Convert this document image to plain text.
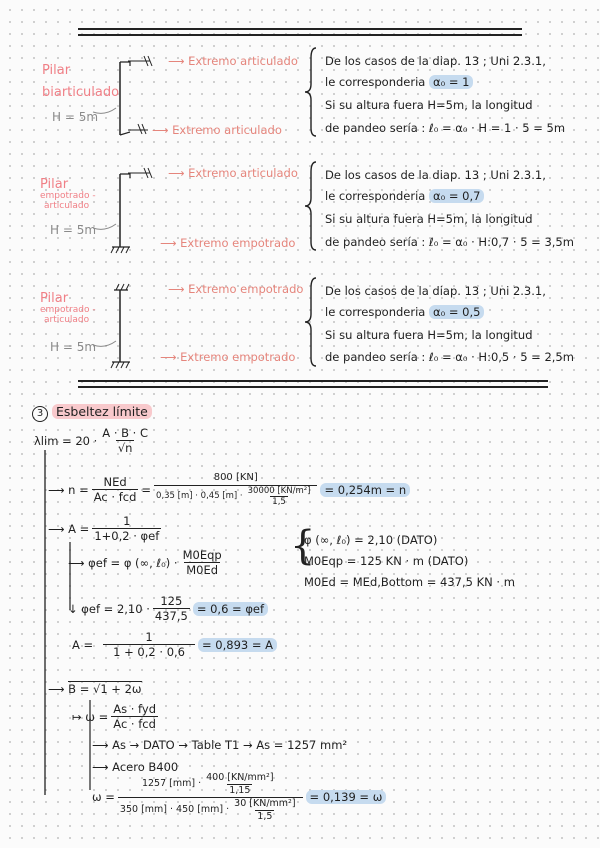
Pilar
biarticulado
H = 5m
⟶ Extremo articulado
⟶ Extremo articulado
De los casos de la diap. 13 ; Uni 2.3.1,
le corresponderia α₀ = 1
Si su altura fuera H=5m, la longitud
de pandeo sería : ℓ₀ = α₀ · H = 1 · 5 = 5m
Pilar
empotrado -
articulado
H = 5m
⟶ Extremo articulado
⟶ Extremo empotrado
De los casos de la diap. 13 ; Uni 2.3.1,
le corresponderia α₀ = 0,7
Si su altura fuera H=5m, la longitud
de pandeo sería : ℓ₀ = α₀ · H:0,7 · 5 = 3,5m
Pilar
empotrado -
articulado
H = 5m
⟶ Extremo empotrado
⟶ Extremo empotrado
De los casos de la diap. 13 ; Uni 2.3.1,
le corresponderia α₀ = 0,5
Si su altura fuera H=5m, la longitud
de pandeo sería : ℓ₀ = α₀ · H:0,5 · 5 = 2,5m
3 Esbeltez límite
$\lambda\lim = 20 \cdot \frac{A \cdot B \cdot C}{√n}$
⟶ $n = \frac{\text{NEd}}{\text{Ac · fcd}} = \frac{800 [KN]}{0,35 [m] \cdot 0,45 [m] \cdot \frac{\text{30000 [KN/m²]}}{1,5}} = 0,254m = n$
⟶ $A = \frac{1}{\text{1+0,2 · φef}}$
⟶ φef = φ (∞, ℓ₀) · $\frac{\text{M0Eqp}}{M0Ed}$ {
φ (∞, ℓ₀) = 2,10 (DATO)
M0Eqp = 125 KN · m (DATO)
M0Ed = MEd,Bottom = 437,5 KN · m
↓ $\varphi ef = 2,10 \cdot \frac{125}{437,5} = 0,6 = \varphi ef$
$A = \frac{1}{1 + 0,2 \cdot 0,6} = 0,893 = A$
⟶ B = √1 + 2ω
↦ $\omega = \frac{\text{As · fyd}}{\text{Ac · fcd}}$
⟶ As → DATO → Table T1 → As = 1257 mm²
⟶ Acero B400
$\omega = \frac{1257 [mm] \cdot \frac{\text{400 [KN/mm²]}}{1,15}}{350 [mm] \cdot 450 [mm] \cdot \frac{\text{30 [KN/mm²]}}{1,5}} = 0,139 = \omega$
